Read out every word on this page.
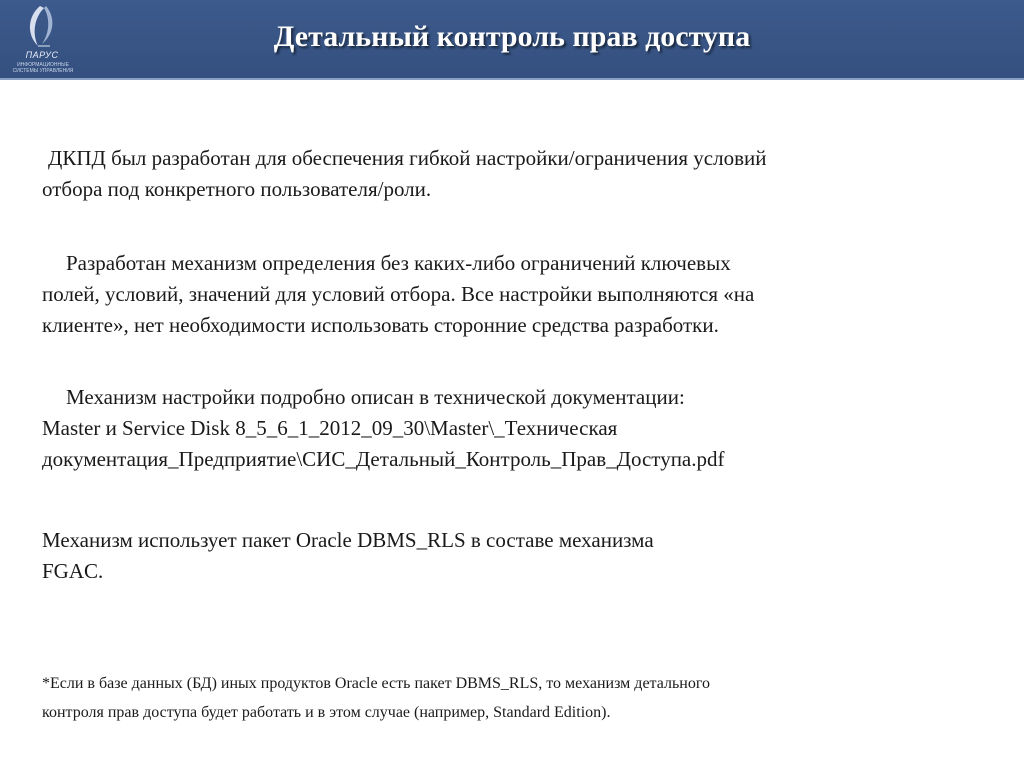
ПАРУС
ИНФОРМАЦИОННЫЕ СИСТЕМЫ УПРАВЛЕНИЯ
Детальный контроль прав доступа

ДКПД был разработан для обеспечения гибкой настройки/ограничения условий
отбора под конкретного пользователя/роли.

Разработан механизм определения без каких-либо ограничений ключевых
полей, условий, значений для условий отбора. Все настройки выполняются «на
клиенте», нет необходимости использовать сторонние средства разработки.

Механизм настройки подробно описан в технической документации:
Master и Service Disk 8_5_6_1_2012_09_30\Master\_Техническая
документация_Предприятие\СИС_Детальный_Контроль_Прав_Доступа.pdf

Механизм использует пакет Oracle DBMS_RLS в составе механизма
FGAC.

*Если в базе данных (БД) иных продуктов Oracle есть пакет DBMS_RLS, то механизм детального
контроля прав доступа будет работать и в этом случае (например, Standard Edition).
